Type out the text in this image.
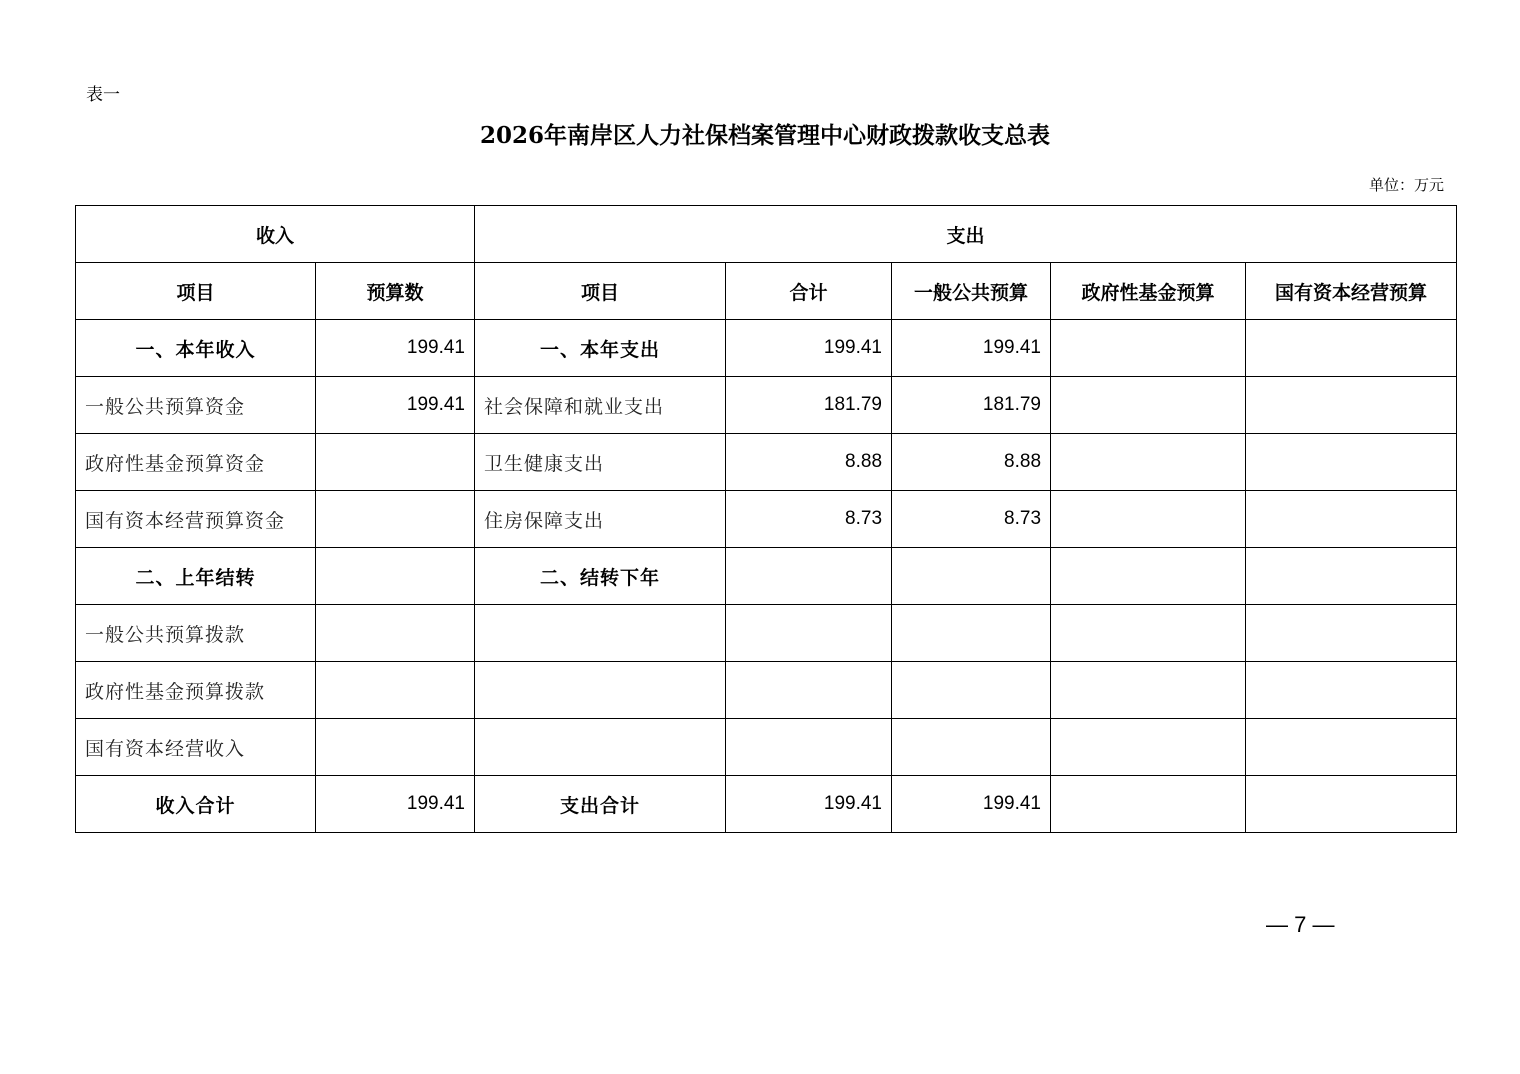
表一
2026年南岸区人力社保档案管理中心财政拨款收支总表
单位：万元
收入		支出				
项目	预算数	项目	合计	一般公共预算	政府性基金预算	国有资本经营预算
一、本年收入	199.41	一、本年支出	199.41	199.41		
一般公共预算资金	199.41	社会保障和就业支出	181.79	181.79		
政府性基金预算资金		卫生健康支出	8.88	8.88		
国有资本经营预算资金		住房保障支出	8.73	8.73		
二、上年结转		二、结转下年				
一般公共预算拨款						
政府性基金预算拨款						
国有资本经营收入						
收入合计	199.41	支出合计	199.41	199.41		
— 7 —
